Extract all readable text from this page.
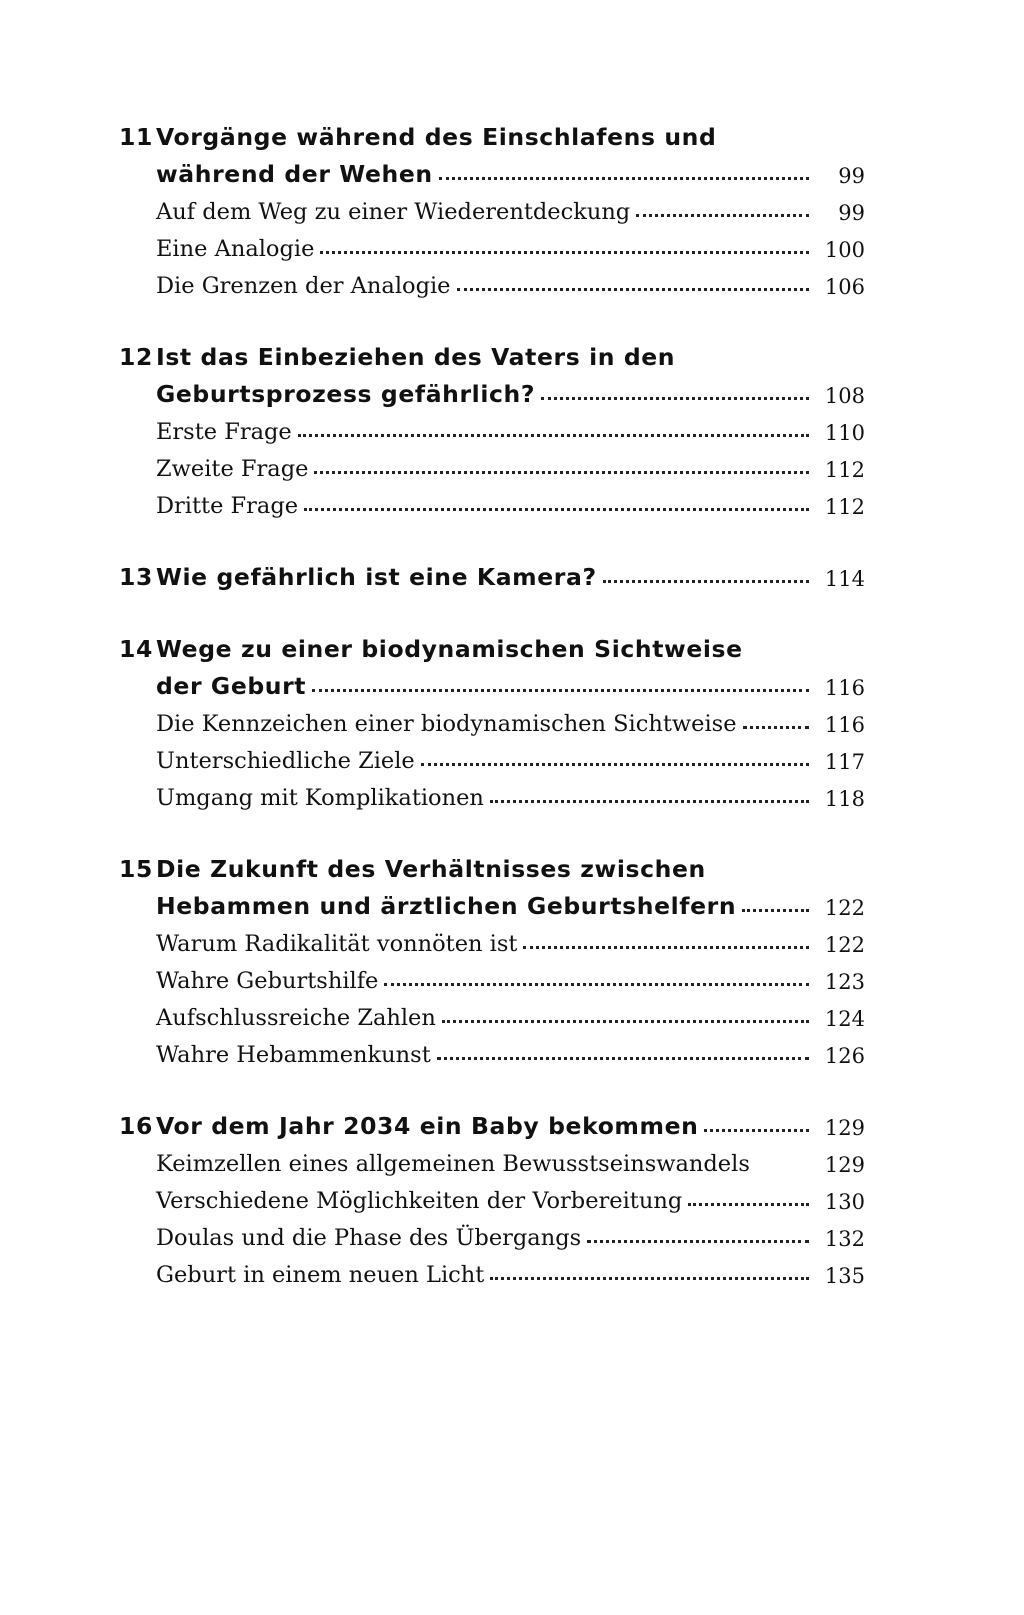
11 Vorgänge während des Einschlafens und
während der Wehen	99
Auf dem Weg zu einer Wiederentdeckung	99
Eine Analogie	100
Die Grenzen der Analogie	106
12 Ist das Einbeziehen des Vaters in den
Geburtsprozess gefährlich?	108
Erste Frage	110
Zweite Frage	112
Dritte Frage	112
13 Wie gefährlich ist eine Kamera?	114
14 Wege zu einer biodynamischen Sichtweise
der Geburt	116
Die Kennzeichen einer biodynamischen Sichtweise	116
Unterschiedliche Ziele	117
Umgang mit Komplikationen	118
15 Die Zukunft des Verhältnisses zwischen
Hebammen und ärztlichen Geburtshelfern	122
Warum Radikalität vonnöten ist	122
Wahre Geburtshilfe	123
Aufschlussreiche Zahlen	124
Wahre Hebammenkunst	126
16 Vor dem Jahr 2034 ein Baby bekommen	129
Keimzellen eines allgemeinen Bewusstseinswandels	129
Verschiedene Möglichkeiten der Vorbereitung	130
Doulas und die Phase des Übergangs	132
Geburt in einem neuen Licht	135
